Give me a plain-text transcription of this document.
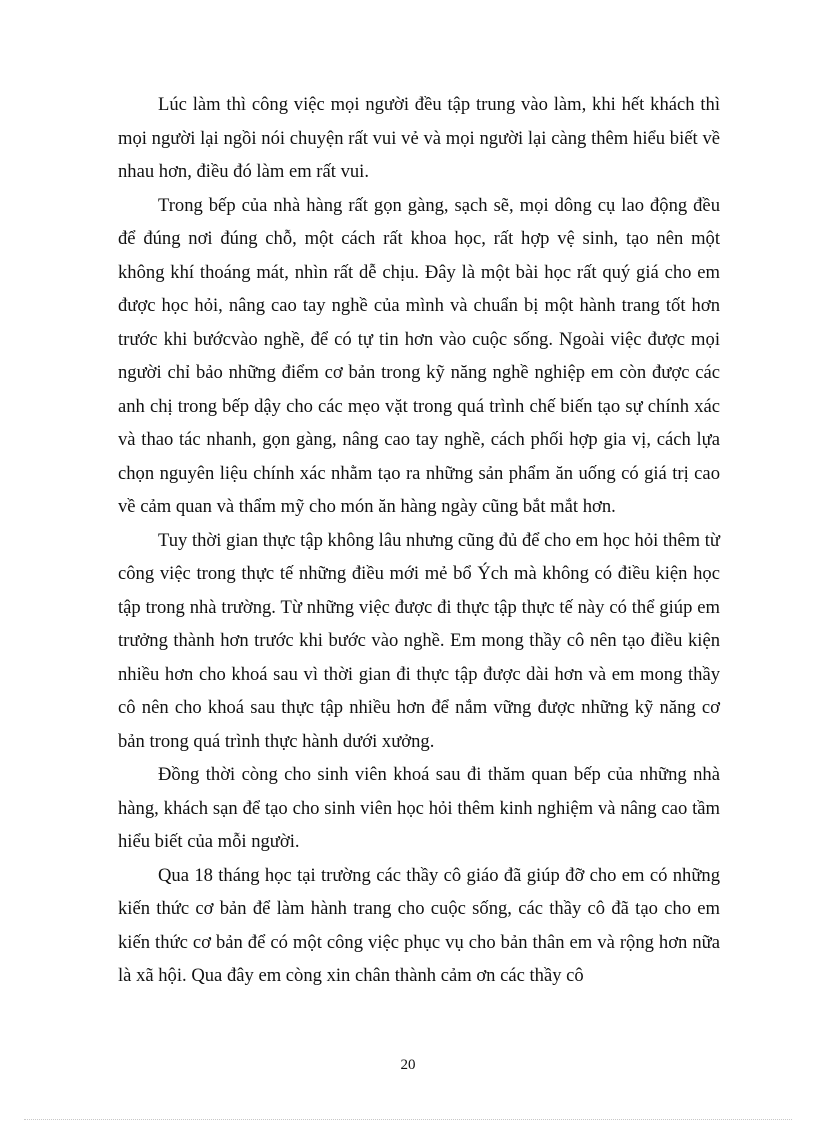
Lúc làm thì công việc mọi người đều tập trung vào làm, khi hết khách thì mọi người lại ngồi nói chuyện rất vui vẻ và mọi người lại càng thêm hiểu biết về nhau hơn, điều đó làm em rất vui.

Trong bếp của nhà hàng rất gọn gàng, sạch sẽ, mọi dông cụ lao động đều để đúng nơi đúng chỗ, một cách rất khoa học, rất hợp vệ sinh, tạo nên một không khí thoáng mát, nhìn rất dễ chịu. Đây là một bài học rất quý giá cho em được học hỏi, nâng cao tay nghề của mình và chuẩn bị một hành trang tốt hơn trước khi bướcvào nghề, để có tự tin hơn vào cuộc sống. Ngoài việc được mọi người chỉ bảo những điểm cơ bản trong kỹ năng nghề nghiệp em còn được các anh chị trong bếp dậy cho các mẹo vặt trong quá trình chế biến tạo sự chính xác và thao tác nhanh, gọn gàng, nâng cao tay nghề, cách phối hợp gia vị, cách lựa chọn nguyên liệu chính xác nhằm tạo ra những sản phẩm ăn uống có giá trị cao về cảm quan và thẩm mỹ cho món ăn hàng ngày cũng bắt mắt hơn.

Tuy thời gian thực tập không lâu nhưng cũng đủ để cho em học hỏi thêm từ công việc trong thực tế những điều mới mẻ bổ Ých mà không có điều kiện học tập trong nhà trường. Từ những việc được đi thực tập thực tế này có thể giúp em trưởng thành hơn trước khi bước vào nghề. Em mong thầy cô nên tạo điều kiện nhiều hơn cho khoá sau vì thời gian đi thực tập được dài hơn và em mong thầy cô nên cho khoá sau thực tập nhiều hơn để nắm vững được những kỹ năng cơ bản trong quá trình thực hành dưới xưởng.

Đồng thời còng cho sinh viên khoá sau đi thăm quan bếp của những nhà hàng, khách sạn để tạo cho sinh viên học hỏi thêm kinh nghiệm và nâng cao tầm hiểu biết của mỗi người.

Qua 18 tháng học tại trường các thầy cô giáo đã giúp đỡ cho em có những kiến thức cơ bản để làm hành trang cho cuộc sống, các thầy cô đã tạo cho em kiến thức cơ bản để có một công việc phục vụ cho bản thân em và rộng hơn nữa là xã hội. Qua đây em còng xin chân thành cảm ơn các thầy cô

20
